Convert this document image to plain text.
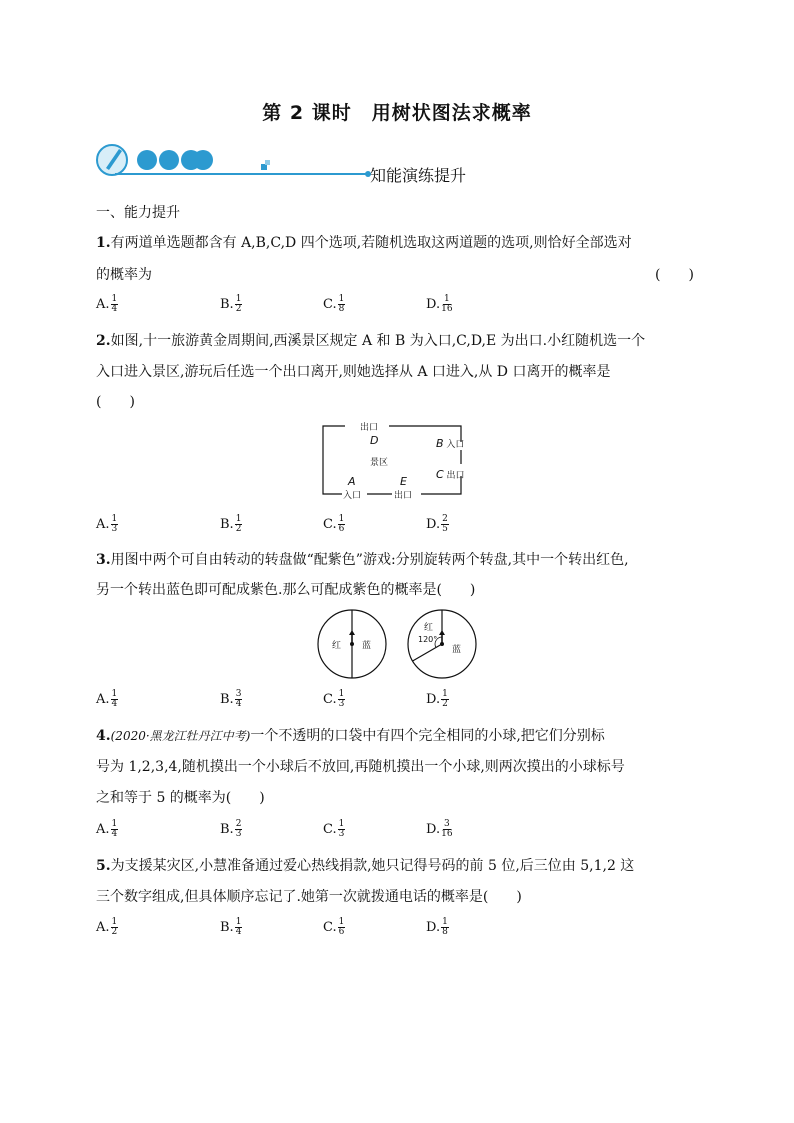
第 2 课时　用树状图法求概率
知能演练提升
一、能力提升
1.有两道单选题都含有 A,B,C,D 四个选项,若随机选取这两道题的选项,则恰好全部选对
的概率为	(　　)
A. $\frac{1}{4}$	B. $\frac{1}{2}$	C. $\frac{1}{8}$	D. $\frac{1}{16}$
2.如图,十一旅游黄金周期间,西溪景区规定 A 和 B 为入口,C,D,E 为出口.小红随机选一个
入口进入景区,游玩后任选一个出口离开,则她选择从 A 口进入,从 D 口离开的概率是
(　　)
出口
D	B 入口
景区
C 出口
A	E
入口	出口
A. $\frac{1}{3}$	B. $\frac{1}{2}$	C. $\frac{1}{6}$	D. $\frac{2}{5}$
3.用图中两个可自由转动的转盘做“配紫色”游戏:分别旋转两个转盘,其中一个转出红色,
另一个转出蓝色即可配成紫色.那么可配成紫色的概率是(　　)
红 蓝
红
120°
蓝
A. $\frac{1}{4}$	B. $\frac{3}{4}$	C. $\frac{1}{3}$	D. $\frac{1}{2}$
4.(2020·黑龙江牡丹江中考)一个不透明的口袋中有四个完全相同的小球,把它们分别标
号为 1,2,3,4,随机摸出一个小球后不放回,再随机摸出一个小球,则两次摸出的小球标号
之和等于 5 的概率为(　　)
A. $\frac{1}{4}$	B. $\frac{2}{3}$	C. $\frac{1}{3}$	D. $\frac{3}{16}$
5.为支援某灾区,小慧准备通过爱心热线捐款,她只记得号码的前 5 位,后三位由 5,1,2 这
三个数字组成,但具体顺序忘记了.她第一次就拨通电话的概率是(　　)
A. $\frac{1}{2}$	B. $\frac{1}{4}$	C. $\frac{1}{6}$	D. $\frac{1}{8}$
